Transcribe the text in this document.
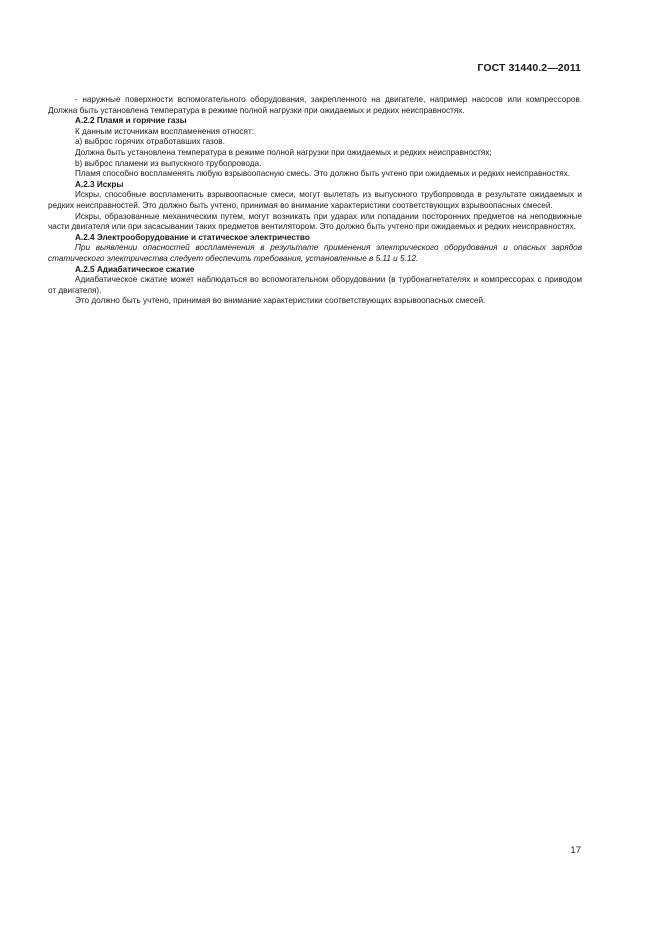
ГОСТ 31440.2—2011

- наружные поверхности вспомогательного оборудования, закрепленного на двигателе, например насосов или компрессоров. Должна быть установлена температура в режиме полной нагрузки при ожидаемых и редких неисправностях.

А.2.2 Пламя и горячие газы

К данным источникам воспламенения относят:

а) выброс горячих отработавших газов.

Должна быть установлена температура в режиме полной нагрузки при ожидаемых и редких неисправностях;

b) выброс пламени из выпускного трубопровода.

Пламя способно воспламенять любую взрывоопасную смесь. Это должно быть учтено при ожидаемых и редких неисправностях.

А.2.3 Искры

Искры, способные воспламенить взрывоопасные смеси, могут вылетать из выпускного трубопровода в результате ожидаемых и редких неисправностей. Это должно быть учтено, принимая во внимание характеристики соответствующих взрывоопасных смесей.

Искры, образованные механическим путем, могут возникать при ударах или попадании посторонних предметов на неподвижные части двигателя или при засасывании таких предметов вентилятором. Это должно быть учтено при ожидаемых и редких неисправностях.

А.2.4 Электрооборудование и статическое электричество

При выявлении опасностей воспламенения в результате применения электрического оборудования и опасных зарядов статического электричества следует обеспечить требования, установленные в 5.11 и 5.12.

А.2.5 Адиабатическое сжатие

Адиабатическое сжатие может наблюдаться во вспомогательном оборудовании (в турбонагнетателях и компрессорах с приводом от двигателя).

Это должно быть учтено, принимая во внимание характеристики соответствующих взрывоопасных смесей.

17
